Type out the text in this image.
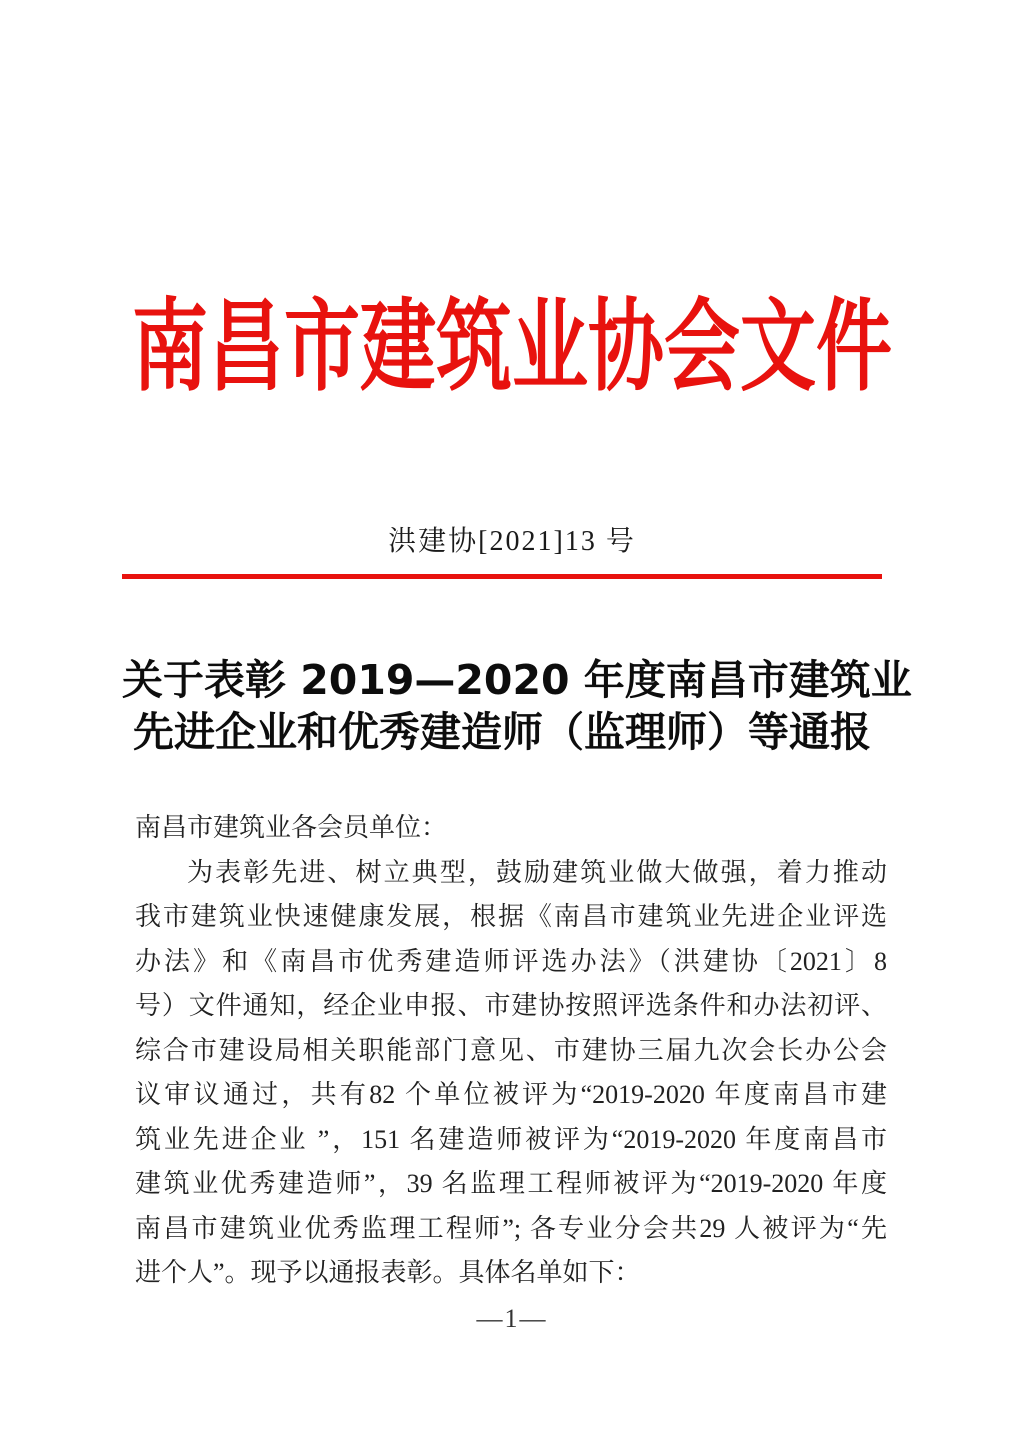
南昌市建筑业协会文件
洪建协[2021]13 号
关于表彰 2019—2020 年度南昌市建筑业
先进企业和优秀建造师（监理师）等通报
南昌市建筑业各会员单位：
为表彰先进、树立典型，鼓励建筑业做大做强，着力推动
我市建筑业快速健康发展，根据《南昌市建筑业先进企业评选
办法》和《南昌市优秀建造师评选办法》（洪建协〔2021〕8
号）文件通知，经企业申报、市建协按照评选条件和办法初评、
综合市建设局相关职能部门意见、市建协三届九次会长办公会
议审议通过，共有82 个单位被评为“2019-2020 年度南昌市建
筑业先进企业 ”，151 名建造师被评为“2019-2020 年度南昌市
建筑业优秀建造师”，39 名监理工程师被评为“2019-2020 年度
南昌市建筑业优秀监理工程师”; 各专业分会共29 人被评为“先
进个人”。现予以通报表彰。具体名单如下：
—1—
